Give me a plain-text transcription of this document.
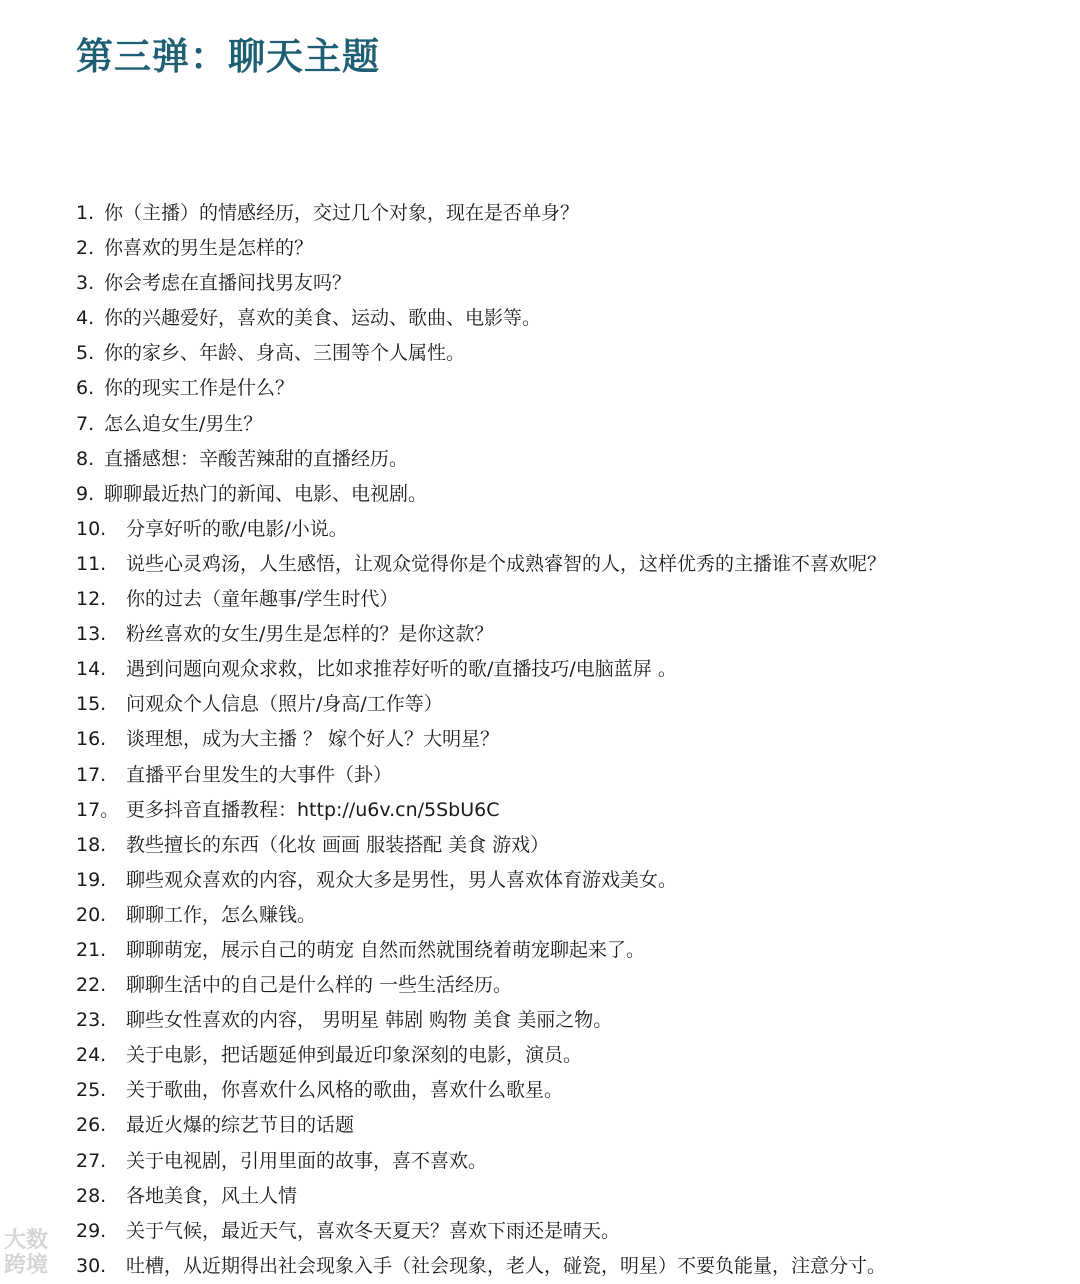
第三弹：聊天主题
1. 你（主播）的情感经历，交过几个对象，现在是否单身？
2. 你喜欢的男生是怎样的？
3. 你会考虑在直播间找男友吗？
4. 你的兴趣爱好，喜欢的美食、运动、歌曲、电影等。
5. 你的家乡、年龄、身高、三围等个人属性。
6. 你的现实工作是什么？
7. 怎么追女生/男生？
8. 直播感想：辛酸苦辣甜的直播经历。
9. 聊聊最近热门的新闻、电影、电视剧。
10. 分享好听的歌/电影/小说。
11. 说些心灵鸡汤，人生感悟，让观众觉得你是个成熟睿智的人，这样优秀的主播谁不喜欢呢？
12. 你的过去（童年趣事/学生时代）
13. 粉丝喜欢的女生/男生是怎样的？是你这款？
14. 遇到问题向观众求救，比如求推荐好听的歌/直播技巧/电脑蓝屏 。
15. 问观众个人信息（照片/身高/工作等）
16. 谈理想，成为大主播 ？ 嫁个好人？大明星？
17. 直播平台里发生的大事件（卦）
17。 更多抖音直播教程：http://u6v.cn/5SbU6C
18. 教些擅长的东西（化妆 画画 服装搭配 美食 游戏）
19. 聊些观众喜欢的内容，观众大多是男性，男人喜欢体育游戏美女。
20. 聊聊工作，怎么赚钱。
21. 聊聊萌宠，展示自己的萌宠 自然而然就围绕着萌宠聊起来了。
22. 聊聊生活中的自己是什么样的 一些生活经历。
23. 聊些女性喜欢的内容， 男明星 韩剧 购物 美食 美丽之物。
24. 关于电影，把话题延伸到最近印象深刻的电影，演员。
25. 关于歌曲，你喜欢什么风格的歌曲，喜欢什么歌星。
26. 最近火爆的综艺节目的话题
27. 关于电视剧，引用里面的故事，喜不喜欢。
28. 各地美食，风土人情
29. 关于气候，最近天气，喜欢冬天夏天？喜欢下雨还是晴天。
30. 吐槽，从近期得出社会现象入手（社会现象，老人，碰瓷，明星）不要负能量，注意分寸。
大数跨境
